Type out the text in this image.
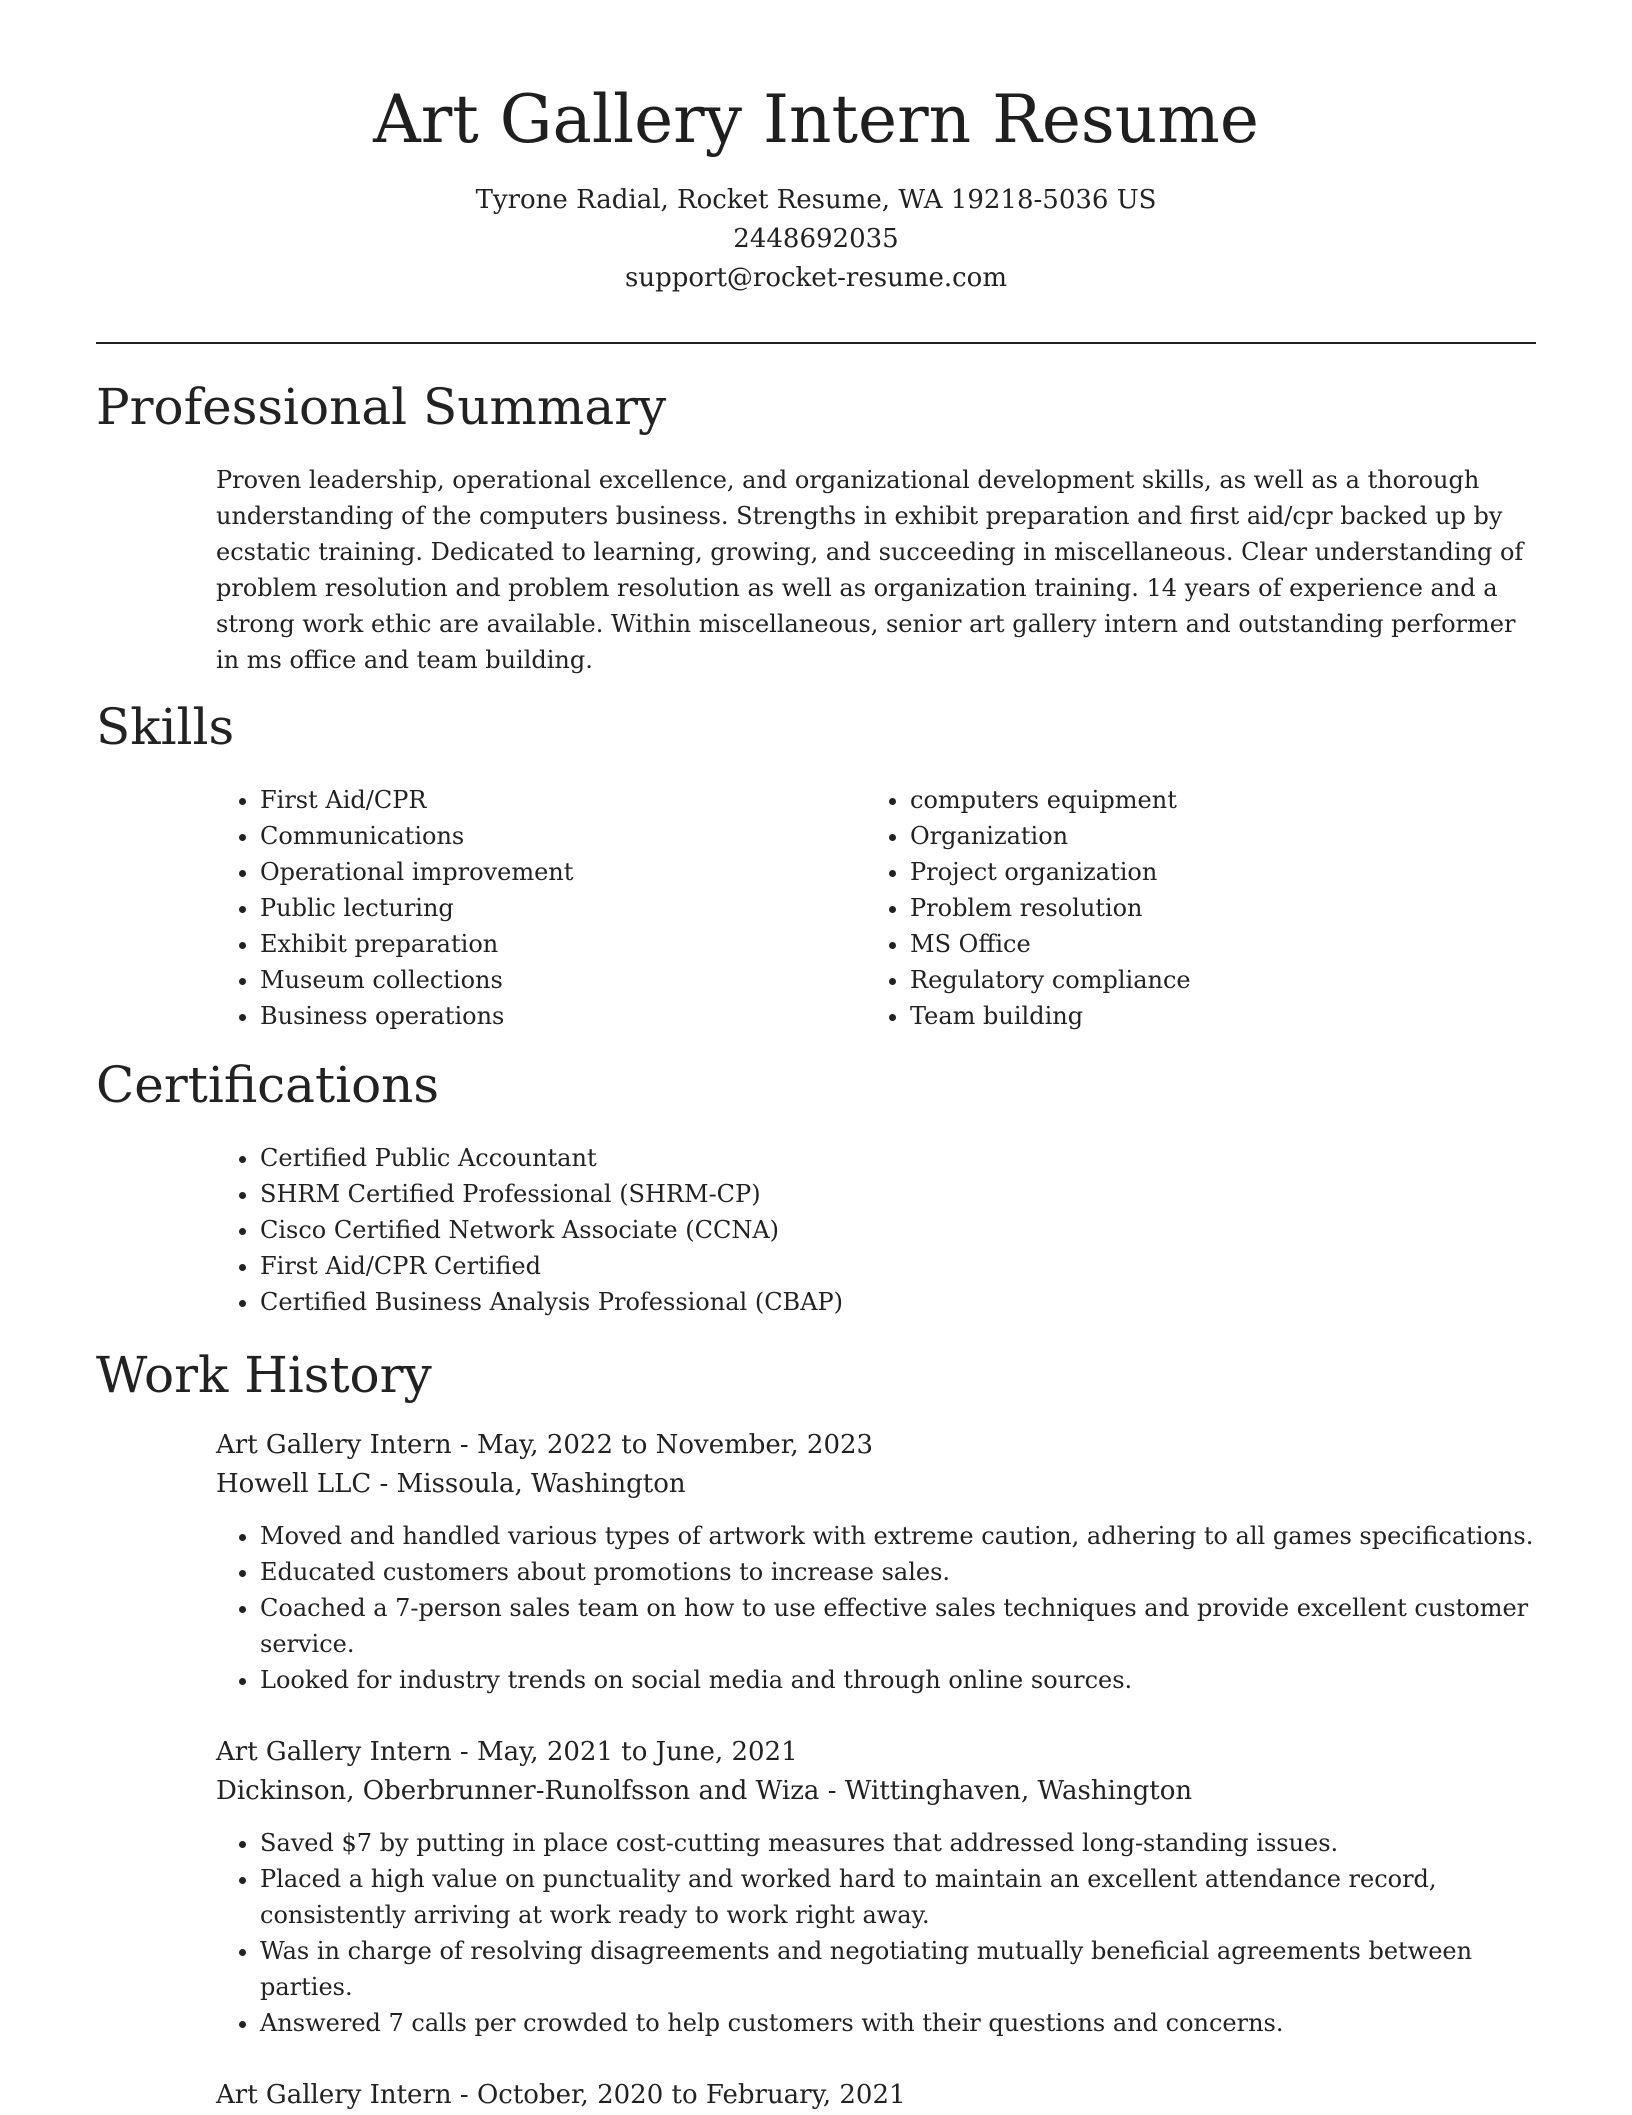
Art Gallery Intern Resume

Tyrone Radial, Rocket Resume, WA 19218-5036 US

2448692035

support@rocket-resume.com

Professional Summary

Proven leadership, operational excellence, and organizational development skills, as well as a thorough understanding of the computers business. Strengths in exhibit preparation and first aid/cpr backed up by ecstatic training. Dedicated to learning, growing, and succeeding in miscellaneous. Clear understanding of problem resolution and problem resolution as well as organization training. 14 years of experience and a strong work ethic are available. Within miscellaneous, senior art gallery intern and outstanding performer in ms office and team building.

Skills
• First Aid/CPR
• Communications
• Operational improvement
• Public lecturing
• Exhibit preparation
• Museum collections
• Business operations
• computers equipment
• Organization
• Project organization
• Problem resolution
• MS Office
• Regulatory compliance
• Team building
Certifications
• Certified Public Accountant
• SHRM Certified Professional (SHRM-CP)
• Cisco Certified Network Associate (CCNA)
• First Aid/CPR Certified
• Certified Business Analysis Professional (CBAP)
Work History

Art Gallery Intern - May, 2022 to November, 2023

Howell LLC - Missoula, Washington

• Moved and handled various types of artwork with extreme caution, adhering to all games specifications.
• Educated customers about promotions to increase sales.
• Coached a 7-person sales team on how to use effective sales techniques and provide excellent customer service.
• Looked for industry trends on social media and through online sources.

Art Gallery Intern - May, 2021 to June, 2021

Dickinson, Oberbrunner-Runolfsson and Wiza - Wittinghaven, Washington

• Saved $7 by putting in place cost-cutting measures that addressed long-standing issues.
• Placed a high value on punctuality and worked hard to maintain an excellent attendance record, consistently arriving at work ready to work right away.
• Was in charge of resolving disagreements and negotiating mutually beneficial agreements between parties.
• Answered 7 calls per crowded to help customers with their questions and concerns.

Art Gallery Intern - October, 2020 to February, 2021
